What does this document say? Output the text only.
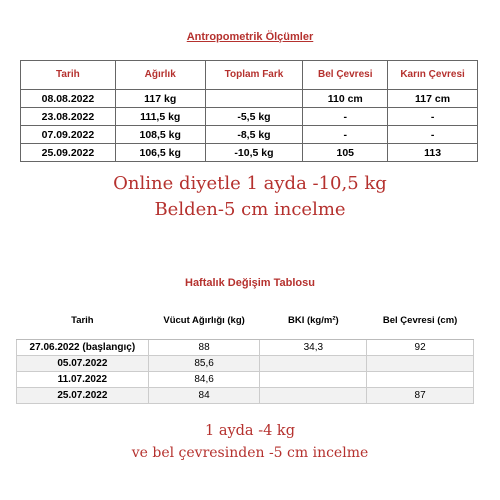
Antropometrik Ölçümler
Tarih	Ağırlık	Toplam Fark	Bel Çevresi	Karın Çevresi
08.08.2022	117 kg		110 cm	117 cm
23.08.2022	111,5 kg	-5,5 kg	-	-
07.09.2022	108,5 kg	-8,5 kg	-	-
25.09.2022	106,5 kg	-10,5 kg	105	113
Online diyetle 1 ayda -10,5 kg
Belden-5 cm incelme
Haftalık Değişim Tablosu
Tarih	Vücut Ağırlığı (kg)	BKI (kg/m²)	Bel Çevresi (cm)
27.06.2022 (başlangıç)	88	34,3	92
05.07.2022	85,6		
11.07.2022	84,6		
25.07.2022	84		87
1 ayda -4 kg
ve bel çevresinden -5 cm incelme
